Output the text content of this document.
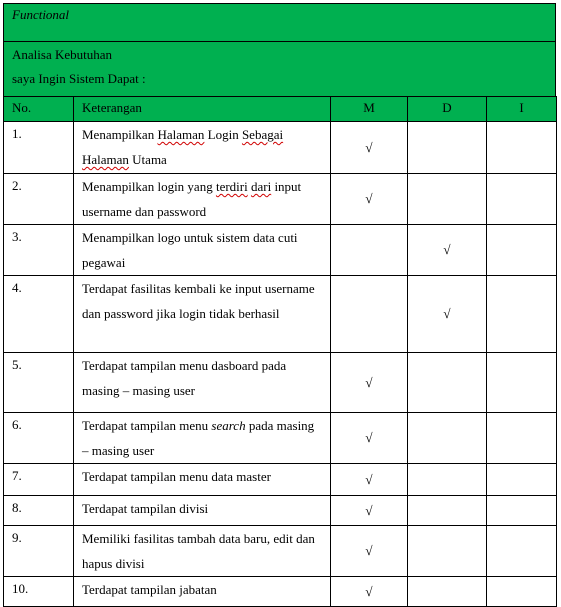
Functional
Analisa Kebutuhan
saya Ingin Sistem Dapat :
No.	Keterangan	M	D	I
1.	Menampilkan Halaman Login Sebagai Halaman Utama	√		
2.	Menampilkan login yang terdiri dari input username dan password	√		
3.	Menampilkan logo untuk sistem data cuti pegawai		√	
4.	Terdapat fasilitas kembali ke input username dan password jika login tidak berhasil		√	
5.	Terdapat tampilan menu dasboard pada masing – masing user	√		
6.	Terdapat tampilan menu search pada masing – masing user	√		
7.	Terdapat tampilan menu data master	√		
8.	Terdapat tampilan divisi	√		
9.	Memiliki fasilitas tambah data baru, edit dan hapus divisi	√		
10.	Terdapat tampilan jabatan	√		
